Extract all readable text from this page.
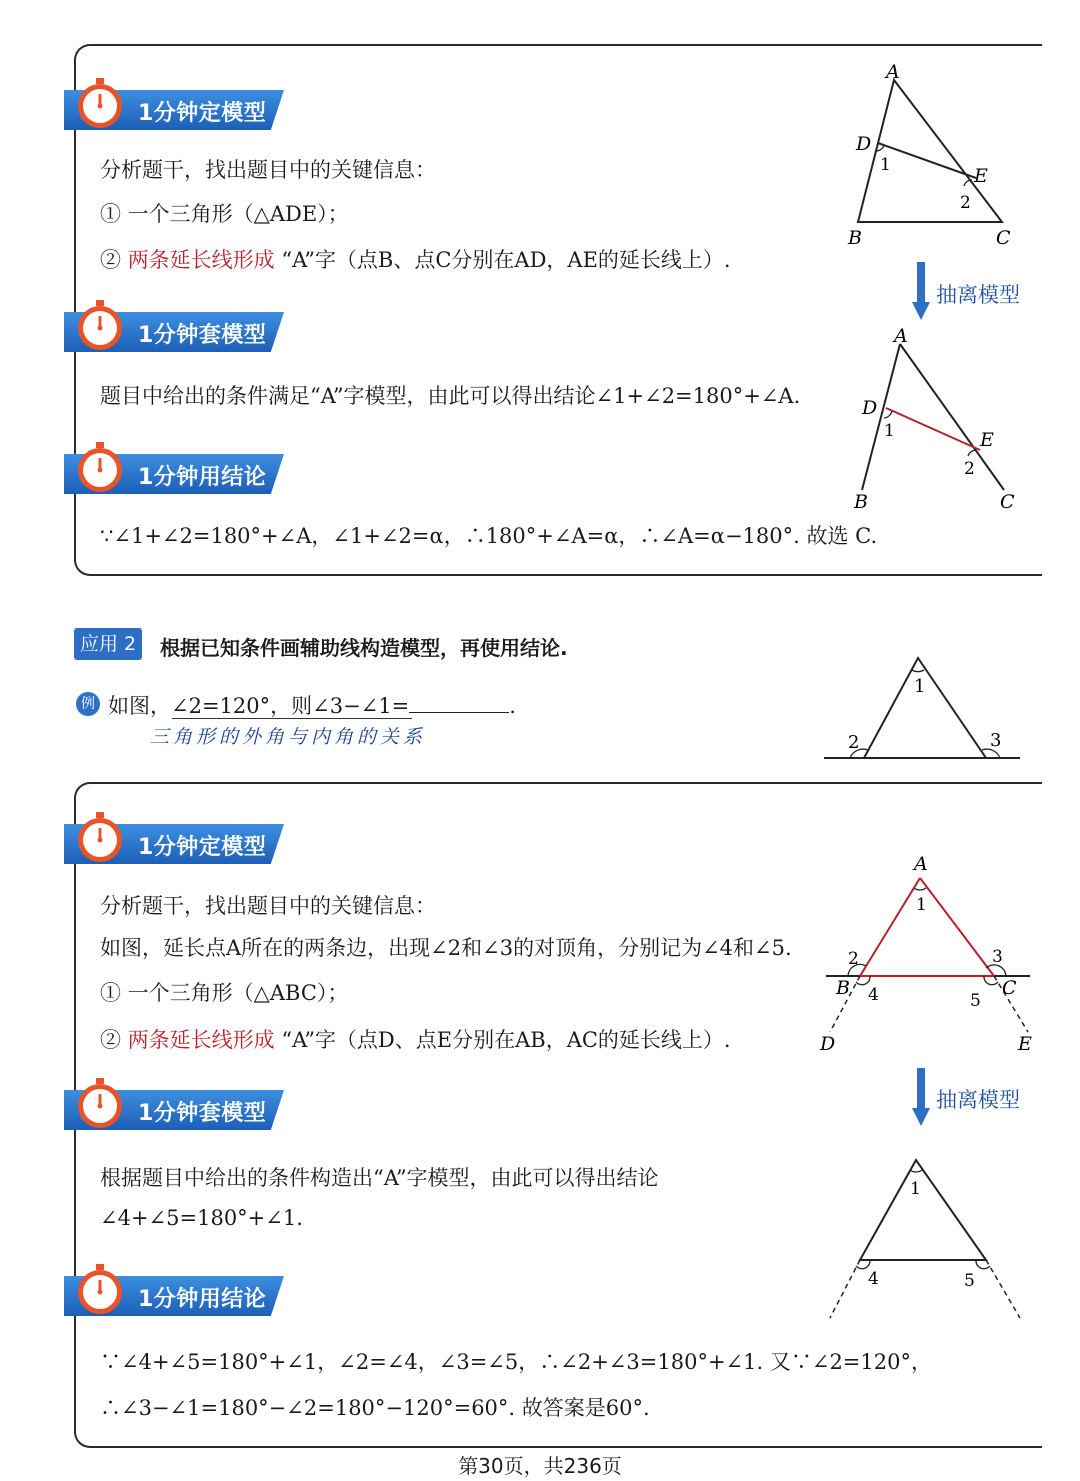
1分钟定模型
分析题干，找出题目中的关键信息：
① 一个三角形（△ADE）；
② 两条延长线形成 “A”字（点B、点C分别在AD，AE的延长线上）.
1分钟套模型
题目中给出的条件满足“A”字模型，由此可以得出结论∠1+∠2=180°+∠A.
1分钟用结论
∵∠1+∠2=180°+∠A，∠1+∠2=α，∴180°+∠A=α，∴∠A=α−180°. 故选 C.
A
D
1	E
2
B	C
抽离模型
A
D
1	E
2
B	C
应用 2	根据已知条件画辅助线构造模型，再使用结论.
例 如图，∠2=120°，则∠3−∠1=	.
三角形的外角与内角的关系
1
2	3
1分钟定模型
分析题干，找出题目中的关键信息：
如图，延长点A所在的两条边，出现∠2和∠3的对顶角，分别记为∠4和∠5.
① 一个三角形（△ABC）；
② 两条延长线形成 “A”字（点D、点E分别在AB，AC的延长线上）.
1分钟套模型
根据题目中给出的条件构造出“A”字模型，由此可以得出结论
∠4+∠5=180°+∠1.
1分钟用结论
∵∠4+∠5=180°+∠1，∠2=∠4，∠3=∠5，∴∠2+∠3=180°+∠1. 又∵∠2=120°，
∴∠3−∠1=180°−∠2=180°−120°=60°. 故答案是60°.
A
1
2	3
B 4	5
C
D	E
抽离模型
1
4	5
第30页，共236页
